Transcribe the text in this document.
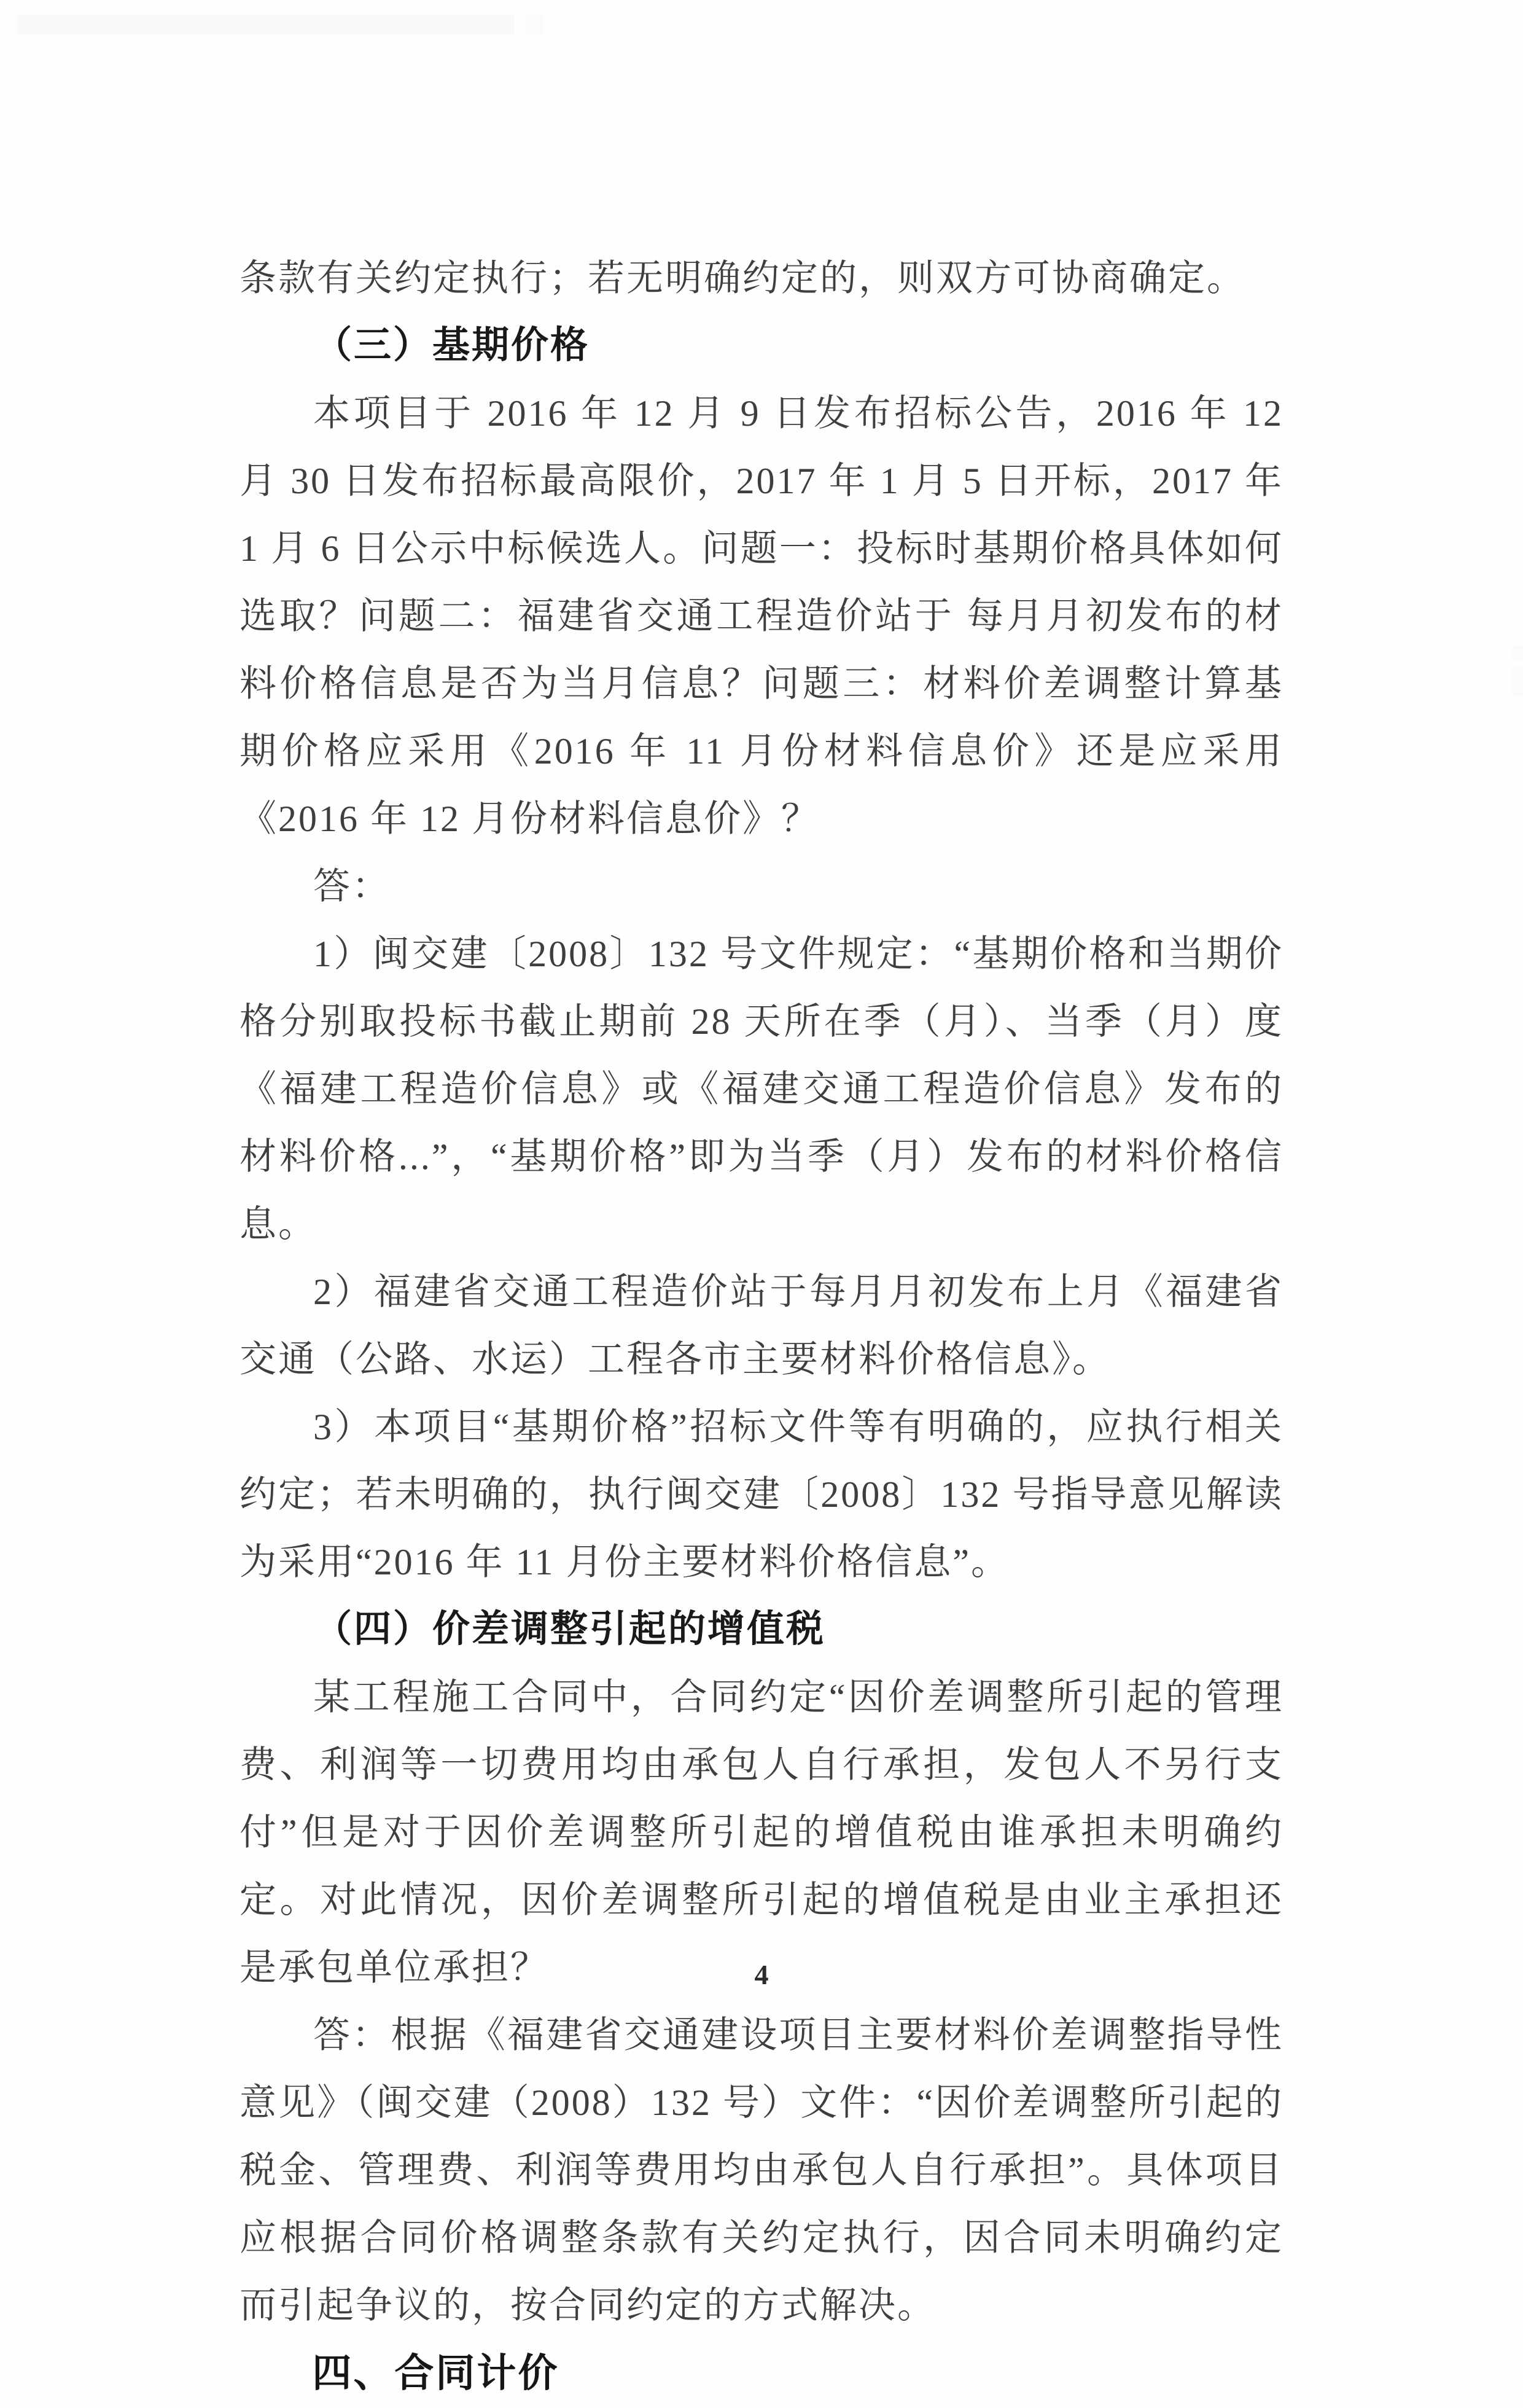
条款有关约定执行；若无明确约定的，则双方可协商确定。

（三）基期价格

本项目于 2016 年 12 月 9 日发布招标公告，2016 年 12 月 30 日发布招标最高限价，2017 年 1 月 5 日开标，2017 年 1 月 6 日公示中标候选人。问题一：投标时基期价格具体如何选取？问题二：福建省交通工程造价站于 每月月初发布的材料价格信息是否为当月信息？问题三：材料价差调整计算基期价格应采用《2016 年 11 月份材料信息价》还是应采用《2016 年 12 月份材料信息价》？

答：

1）闽交建〔2008〕132 号文件规定：“基期价格和当期价格分别取投标书截止期前 28 天所在季（月）、当季（月）度《福建工程造价信息》或《福建交通工程造价信息》发布的材料价格...”，“基期价格”即为当季（月）发布的材料价格信息。

2）福建省交通工程造价站于每月月初发布上月《福建省交通（公路、水运）工程各市主要材料价格信息》。

3）本项目“基期价格”招标文件等有明确的，应执行相关约定；若未明确的，执行闽交建〔2008〕132 号指导意见解读为采用“2016 年 11 月份主要材料价格信息”。

（四）价差调整引起的增值税

某工程施工合同中，合同约定“因价差调整所引起的管理费、利润等一切费用均由承包人自行承担，发包人不另行支付”但是对于因价差调整所引起的增值税由谁承担未明确约定。对此情况，因价差调整所引起的增值税是由业主承担还是承包单位承担？

答：根据《福建省交通建设项目主要材料价差调整指导性意见》（闽交建（2008）132 号）文件：“因价差调整所引起的税金、管理费、利润等费用均由承包人自行承担”。具体项目应根据合同价格调整条款有关约定执行，因合同未明确约定而引起争议的，按合同约定的方式解决。

四、合同计价
4
